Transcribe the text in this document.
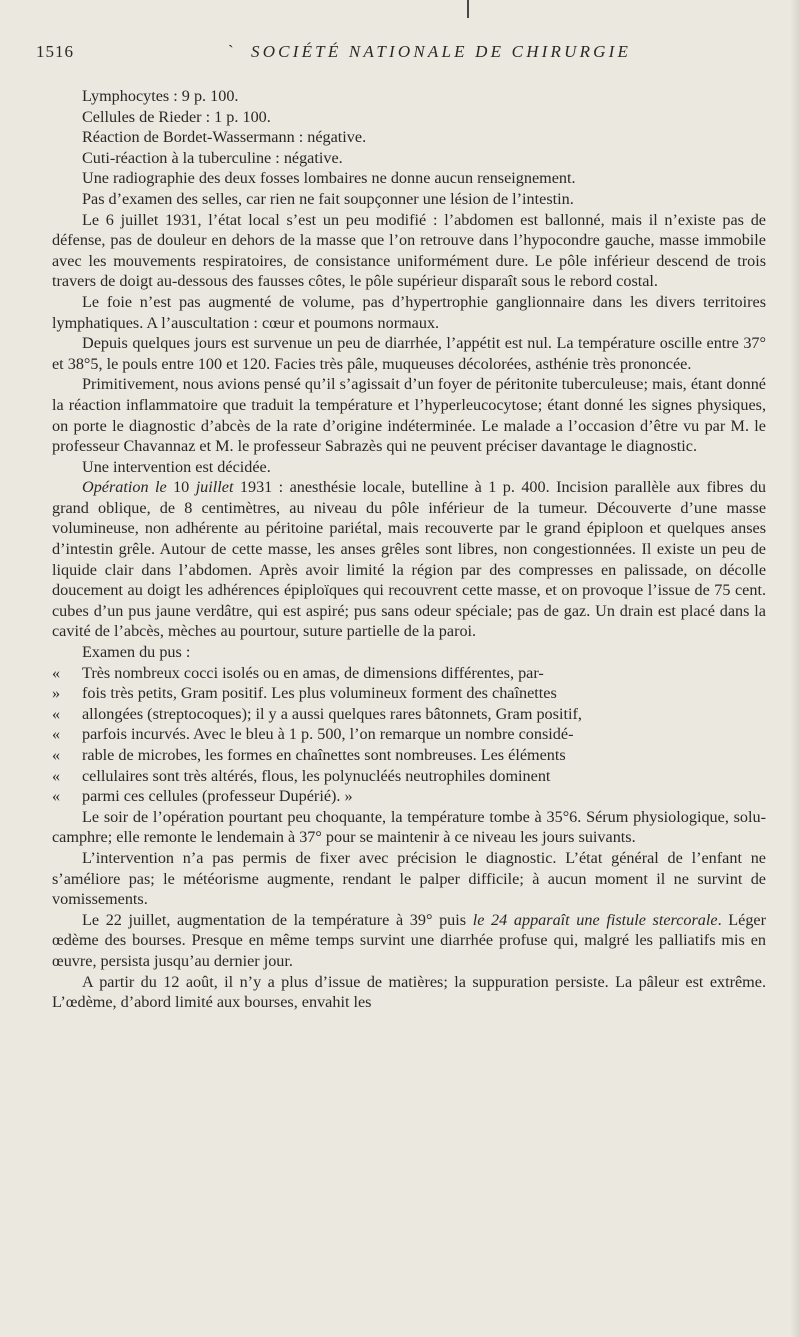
1516	` SOCIÉTÉ NATIONALE DE CHIRURGIE

Lymphocytes : 9 p. 100.

Cellules de Rieder : 1 p. 100.

Réaction de Bordet-Wassermann : négative.

Cuti-réaction à la tuberculine : négative.

Une radiographie des deux fosses lombaires ne donne aucun renseignement.

Pas d’examen des selles, car rien ne fait soupçonner une lésion de l’intestin.

Le 6 juillet 1931, l’état local s’est un peu modifié : l’abdomen est ballonné, mais il n’existe pas de défense, pas de douleur en dehors de la masse que l’on retrouve dans l’hypocondre gauche, masse immobile avec les mouvements respiratoires, de consistance uniformément dure. Le pôle inférieur descend de trois travers de doigt au-dessous des fausses côtes, le pôle supérieur disparaît sous le rebord costal.

Le foie n’est pas augmenté de volume, pas d’hypertrophie ganglionnaire dans les divers territoires lymphatiques. A l’auscultation : cœur et poumons normaux.

Depuis quelques jours est survenue un peu de diarrhée, l’appétit est nul. La température oscille entre 37° et 38°5, le pouls entre 100 et 120. Facies très pâle, muqueuses décolorées, asthénie très prononcée.

Primitivement, nous avions pensé qu’il s’agissait d’un foyer de péritonite tuberculeuse; mais, étant donné la réaction inflammatoire que traduit la température et l’hyperleucocytose; étant donné les signes physiques, on porte le diagnostic d’abcès de la rate d’origine indéterminée. Le malade a l’occasion d’être vu par M. le professeur Chavannaz et M. le professeur Sabrazès qui ne peuvent préciser davantage le diagnostic.

Une intervention est décidée.

Opération le 10 juillet 1931 : anesthésie locale, butelline à 1 p. 400. Incision parallèle aux fibres du grand oblique, de 8 centimètres, au niveau du pôle inférieur de la tumeur. Découverte d’une masse volumineuse, non adhérente au péritoine pariétal, mais recouverte par le grand épiploon et quelques anses d’intestin grêle. Autour de cette masse, les anses grêles sont libres, non congestionnées. Il existe un peu de liquide clair dans l’abdomen. Après avoir limité la région par des compresses en palissade, on décolle doucement au doigt les adhérences épiploïques qui recouvrent cette masse, et on provoque l’issue de 75 cent. cubes d’un pus jaune verdâtre, qui est aspiré; pus sans odeur spéciale; pas de gaz. Un drain est placé dans la cavité de l’abcès, mèches au pourtour, suture partielle de la paroi.

Examen du pus :

« Très nombreux cocci isolés ou en amas, de dimensions différentes, par-

» fois très petits, Gram positif. Les plus volumineux forment des chaînettes

« allongées (streptocoques); il y a aussi quelques rares bâtonnets, Gram positif,

« parfois incurvés. Avec le bleu à 1 p. 500, l’on remarque un nombre considé-

« rable de microbes, les formes en chaînettes sont nombreuses. Les éléments

« cellulaires sont très altérés, flous, les polynucléés neutrophiles dominent

« parmi ces cellules (professeur Dupérié). »

Le soir de l’opération pourtant peu choquante, la température tombe à 35°6. Sérum physiologique, solu-camphre; elle remonte le lendemain à 37° pour se maintenir à ce niveau les jours suivants.

L’intervention n’a pas permis de fixer avec précision le diagnostic. L’état général de l’enfant ne s’améliore pas; le météorisme augmente, rendant le palper difficile; à aucun moment il ne survint de vomissements.

Le 22 juillet, augmentation de la température à 39° puis le 24 apparaît une fistule stercorale. Léger œdème des bourses. Presque en même temps survint une diarrhée profuse qui, malgré les palliatifs mis en œuvre, persista jusqu’au dernier jour.

A partir du 12 août, il n’y a plus d’issue de matières; la suppuration persiste. La pâleur est extrême. L’œdème, d’abord limité aux bourses, envahit les
